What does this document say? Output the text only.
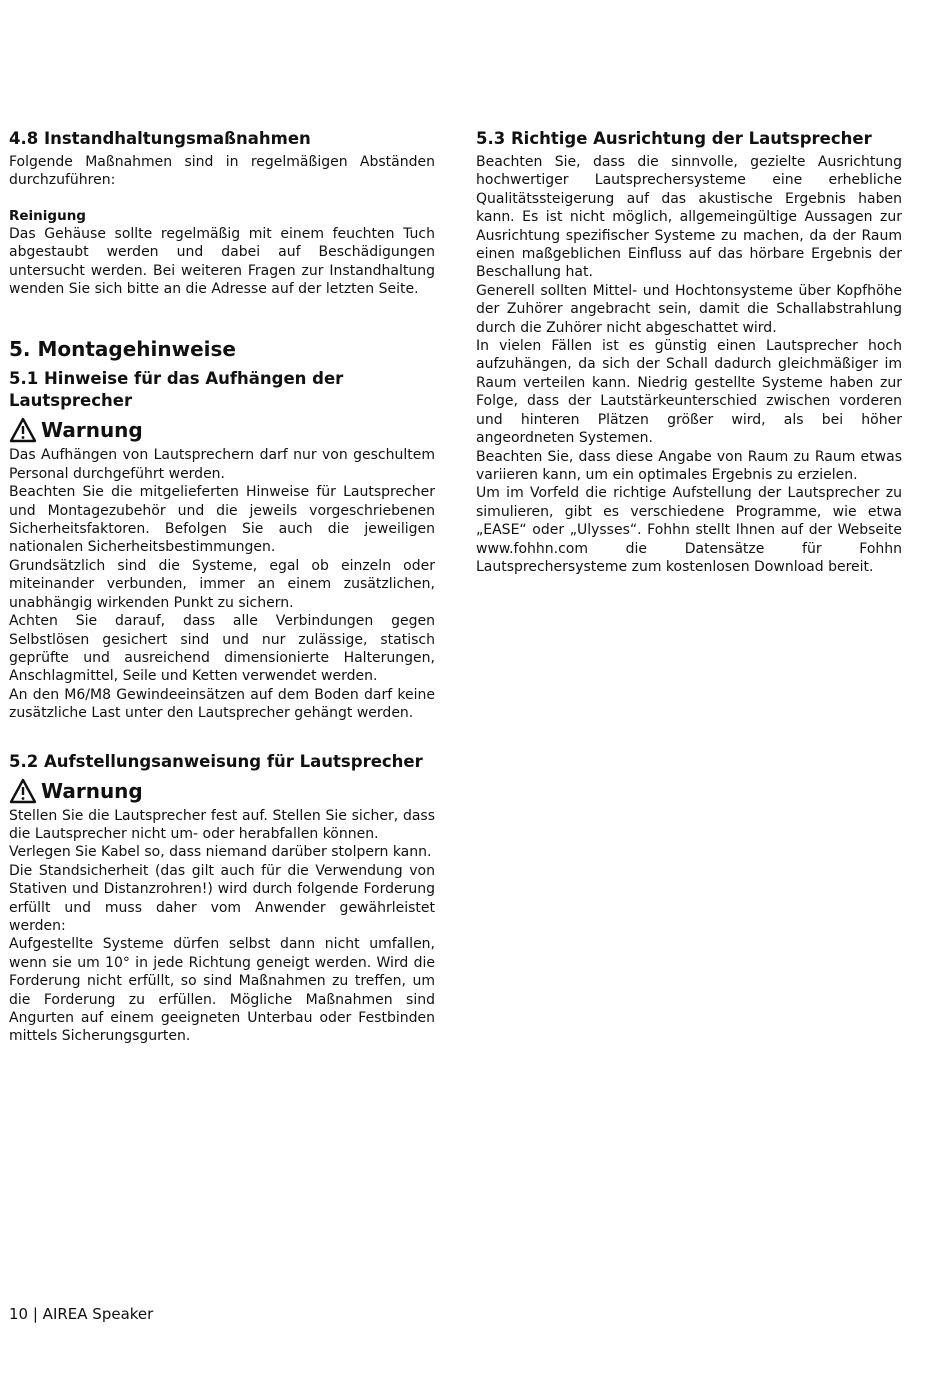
4.8 Instandhaltungsmaßnahmen

Folgende Maßnahmen sind in regelmäßigen Abständen durchzuführen:

Reinigung

Das Gehäuse sollte regelmäßig mit einem feuchten Tuch abgestaubt werden und dabei auf Beschädigungen untersucht werden. Bei weiteren Fragen zur Instandhaltung wenden Sie sich bitte an die Adresse auf der letzten Seite.

5. Montagehinweise
5.1 Hinweise für das Aufhängen der Lautsprecher
Warnung

Das Aufhängen von Lautsprechern darf nur von geschultem Personal durchgeführt werden.

Beachten Sie die mitgelieferten Hinweise für Lautsprecher und Montagezubehör und die jeweils vorgeschriebenen Sicherheitsfaktoren. Befolgen Sie auch die jeweiligen nationalen Sicherheitsbestimmungen.

Grundsätzlich sind die Systeme, egal ob einzeln oder miteinander verbunden, immer an einem zusätzlichen, unabhängig wirkenden Punkt zu sichern.

Achten Sie darauf, dass alle Verbindungen gegen Selbstlösen gesichert sind und nur zulässige, statisch geprüfte und ausreichend dimensionierte Halterungen, Anschlagmittel, Seile und Ketten verwendet werden.

An den M6/M8 Gewindeeinsätzen auf dem Boden darf keine zusätzliche Last unter den Lautsprecher gehängt werden.

5.2 Aufstellungsanweisung für Lautsprecher
Warnung

Stellen Sie die Lautsprecher fest auf. Stellen Sie sicher, dass die Lautsprecher nicht um- oder herabfallen können.

Verlegen Sie Kabel so, dass niemand darüber stolpern kann.

Die Standsicherheit (das gilt auch für die Verwendung von Stativen und Distanzrohren!) wird durch folgende Forderung erfüllt und muss daher vom Anwender gewährleistet werden:

Aufgestellte Systeme dürfen selbst dann nicht umfallen, wenn sie um 10° in jede Richtung geneigt werden. Wird die Forderung nicht erfüllt, so sind Maßnahmen zu treffen, um die Forderung zu erfüllen. Mögliche Maßnahmen sind Angurten auf einem geeigneten Unterbau oder Festbinden mittels Sicherungsgurten.

5.3 Richtige Ausrichtung der Lautsprecher

Beachten Sie, dass die sinnvolle, gezielte Ausrichtung hochwertiger Lautsprechersysteme eine erhebliche Qualitätssteigerung auf das akustische Ergebnis haben kann. Es ist nicht möglich, allgemeingültige Aussagen zur Ausrichtung spezifischer Systeme zu machen, da der Raum einen maßgeblichen Einfluss auf das hörbare Ergebnis der Beschallung hat.

Generell sollten Mittel- und Hochtonsysteme über Kopfhöhe der Zuhörer angebracht sein, damit die Schallabstrahlung durch die Zuhörer nicht abgeschattet wird.

In vielen Fällen ist es günstig einen Lautsprecher hoch aufzuhängen, da sich der Schall dadurch gleichmäßiger im Raum verteilen kann. Niedrig gestellte Systeme haben zur Folge, dass der Lautstärkeunterschied zwischen vorderen und hinteren Plätzen größer wird, als bei höher angeordneten Systemen.

Beachten Sie, dass diese Angabe von Raum zu Raum etwas variieren kann, um ein optimales Ergebnis zu erzielen.

Um im Vorfeld die richtige Aufstellung der Lautsprecher zu simulieren, gibt es verschiedene Programme, wie etwa „EASE“ oder „Ulysses“. Fohhn stellt Ihnen auf der Webseite www.fohhn.com die Datensätze für Fohhn Lautsprechersysteme zum kostenlosen Download bereit.

10 | AIREA Speaker
